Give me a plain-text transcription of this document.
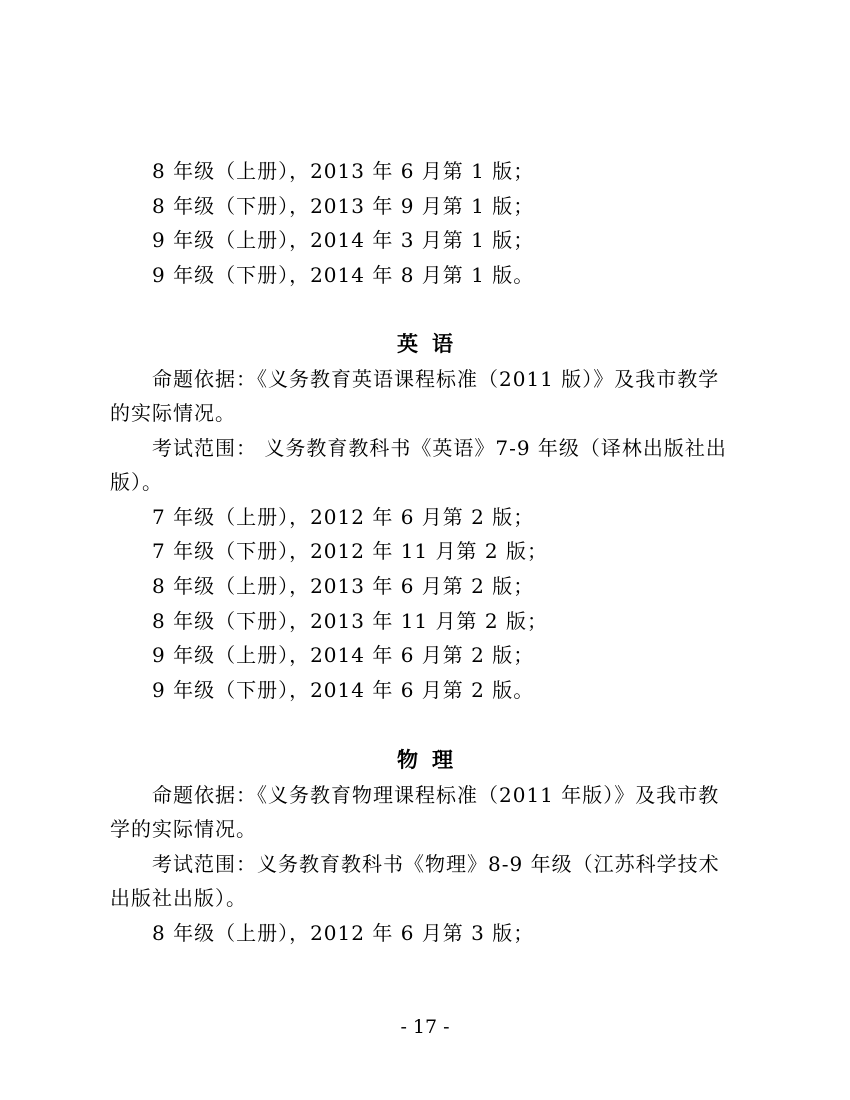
8 年级（上册），2013 年 6 月第 1 版；
8 年级（下册），2013 年 9 月第 1 版；
9 年级（上册），2014 年 3 月第 1 版；
9 年级（下册），2014 年 8 月第 1 版。
英语
命题依据：《义务教育英语课程标准（2011 版）》及我市教学
的实际情况。
考试范围： 义务教育教科书《英语》7-9 年级（译林出版社出
版）。
7 年级（上册），2012 年 6 月第 2 版；
7 年级（下册），2012 年 11 月第 2 版；
8 年级（上册），2013 年 6 月第 2 版；
8 年级（下册），2013 年 11 月第 2 版；
9 年级（上册），2014 年 6 月第 2 版；
9 年级（下册），2014 年 6 月第 2 版。
物理
命题依据：《义务教育物理课程标准（2011 年版）》及我市教
学的实际情况。
考试范围：义务教育教科书《物理》8-9 年级（江苏科学技术
出版社出版）。
8 年级（上册），2012 年 6 月第 3 版；
- 17 -
